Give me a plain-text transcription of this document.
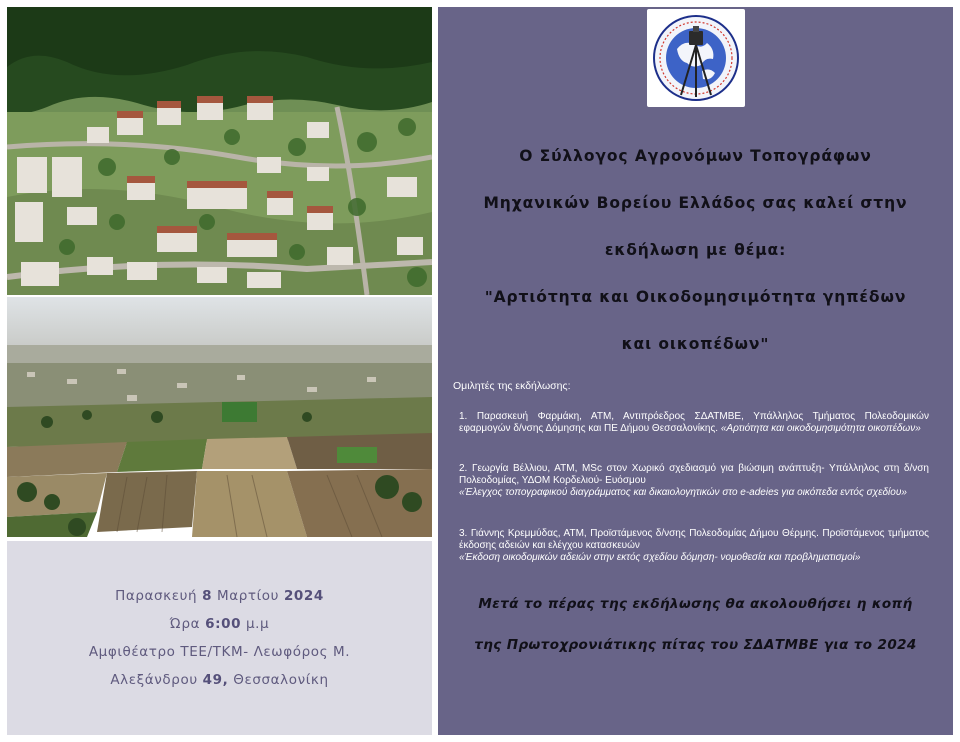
Παρασκευή 8 Μαρτίου 2024
Ώρα 6:00 μ.μ
Αμφιθέατρο ΤΕΕ/ΤΚΜ- Λεωφόρος Μ.
Αλεξάνδρου 49, Θεσσαλονίκη
Ο Σύλλογος Αγρονόμων Τοπογράφων
Μηχανικών Βορείου Ελλάδος σας καλεί στην
εκδήλωση με θέμα:
"Αρτιότητα και Οικοδομησιμότητα γηπέδων
και οικοπέδων"
Ομιλητές της εκδήλωσης:
1. Παρασκευή Φαρμάκη, ΑΤΜ, Αντιπρόεδρος ΣΔΑΤΜΒΕ, Υπάλληλος Τμήματος Πολεοδομικών εφαρμογών δ/νσης Δόμησης και ΠΕ Δήμου Θεσσαλονίκης. «Αρτιότητα και οικοδομησιμότητα οικοπέδων»
2. Γεωργία Βέλλιου, ΑΤΜ, MSc στον Χωρικό σχεδιασμό για βιώσιμη ανάπτυξη- Υπάλληλος στη δ/νση Πολεοδομίας, ΥΔΟΜ Κορδελιού- Ευόσμου
«Έλεγχος τοπογραφικού διαγράμματος και δικαιολογητικών στο e-adeies για οικόπεδα εντός σχεδίου»
3. Γιάννης Κρεμμύδας, ΑΤΜ, Προϊστάμενος δ/νσης Πολεοδομίας Δήμου Θέρμης. Προϊστάμενος τμήματος έκδοσης αδειών και ελέγχου κατασκευών
«Έκδοση οικοδομικών αδειών στην εκτός σχεδίου δόμηση- νομοθεσία και προβληματισμοί»
Μετά το πέρας της εκδήλωσης θα ακολουθήσει η κοπή
της Πρωτοχρονιάτικης πίτας του ΣΔΑΤΜΒΕ για το 2024
